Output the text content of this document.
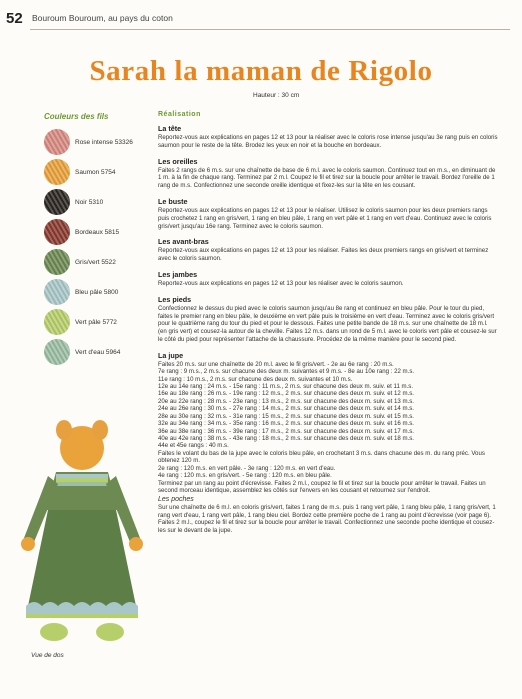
52 Bouroum Bouroum, au pays du coton
Sarah la maman de Rigolo
Hauteur : 30 cm
Couleurs des fils
Rose intense 53326
Saumon 5754
Noir 5310
Bordeaux 5815
Gris/vert 5522
Bleu pâle 5800
Vert pâle 5772
Vert d'eau 5964
Vue de dos
Réalisation
La tête

Reportez-vous aux explications en pages 12 et 13 pour la réaliser avec le coloris rose intense jusqu'au 3e rang puis en coloris saumon pour le reste de la tête. Brodez les yeux en noir et la bouche en bordeaux.

Les oreilles

Faites 2 rangs de 6 m.s. sur une chaînette de base de 6 m.l. avec le coloris saumon. Continuez tout en m.s., en diminuant de 1 m. à la fin de chaque rang. Terminez par 2 m.l. Coupez le fil et tirez sur la boucle pour arrêter le travail. Bordez l'oreille de 1 rang de m.s. Confectionnez une seconde oreille identique et fixez-les sur la tête en les cousant.

Le buste

Reportez-vous aux explications en pages 12 et 13 pour le réaliser. Utilisez le coloris saumon pour les deux premiers rangs puis crochetez 1 rang en gris/vert, 1 rang en bleu pâle, 1 rang en vert pâle et 1 rang en vert d'eau. Continuez avec le coloris gris/vert jusqu'au 16e rang. Terminez avec le coloris saumon.

Les avant-bras

Reportez-vous aux explications en pages 12 et 13 pour les réaliser. Faites les deux premiers rangs en gris/vert et terminez avec le coloris saumon.

Les jambes

Reportez-vous aux explications en pages 12 et 13 pour les réaliser avec le coloris saumon.

Les pieds

Confectionnez le dessus du pied avec le coloris saumon jusqu'au 8e rang et continuez en bleu pâle. Pour le tour du pied, faites le premier rang en bleu pâle, le deuxième en vert pâle puis le troisième en vert d'eau. Terminez avec le coloris gris/vert pour le quatrième rang du tour du pied et pour le dessous. Faites une petite bande de 18 m.s. sur une chaînette de 18 m.l. (en gris vert) et cousez-la autour de la cheville. Faites 12 m.s. dans un rond de 5 m.l. avec le coloris vert pâle et cousez-le sur le côté du pied pour représenter l'attache de la chaussure. Procédez de la même manière pour le second pied.

La jupe

Faites 20 m.s. sur une chaînette de 20 m.l. avec le fil gris/vert. - 2e au 6e rang : 20 m.s.

7e rang : 9 m.s., 2 m.s. sur chacune des deux m. suivantes et 9 m.s. - 8e au 10e rang : 22 m.s.

11e rang : 10 m.s., 2 m.s. sur chacune des deux m. suivantes et 10 m.s.

12e au 14e rang : 24 m.s. - 15e rang : 11 m.s., 2 m.s. sur chacune des deux m. suiv. et 11 m.s.

16e au 18e rang : 26 m.s. - 19e rang : 12 m.s., 2 m.s. sur chacune des deux m. suiv. et 12 m.s.

20e au 22e rang : 28 m.s. - 23e rang : 13 m.s., 2 m.s. sur chacune des deux m. suiv. et 13 m.s.

24e au 26e rang : 30 m.s. - 27e rang : 14 m.s., 2 m.s. sur chacune des deux m. suiv. et 14 m.s.

28e au 30e rang : 32 m.s. - 31e rang : 15 m.s., 2 m.s. sur chacune des deux m. suiv. et 15 m.s.

32e au 34e rang : 34 m.s. - 35e rang : 16 m.s., 2 m.s. sur chacune des deux m. suiv. et 16 m.s.

36e au 38e rang : 36 m.s. - 39e rang : 17 m.s., 2 m.s. sur chacune des deux m. suiv. et 17 m.s.

40e au 42e rang : 38 m.s. - 43e rang : 18 m.s., 2 m.s. sur chacune des deux m. suiv. et 18 m.s.

44e et 45e rangs : 40 m.s.

Faites le volant du bas de la jupe avec le coloris bleu pâle, en crochetant 3 m.s. dans chacune des m. du rang préc. Vous obtenez 120 m.

2e rang : 120 m.s. en vert pâle. - 3e rang : 120 m.s. en vert d'eau.

4e rang : 120 m.s. en gris/vert. - 5e rang : 120 m.s. en bleu pâle.

Terminez par un rang au point d'écrevisse. Faites 2 m.l., coupez le fil et tirez sur la boucle pour arrêter le travail. Faites un second morceau identique, assemblez les côtés sur l'envers en les cousant et retournez sur l'endroit.

Les poches

Sur une chaînette de 6 m.l. en coloris gris/vert, faites 1 rang de m.s. puis 1 rang vert pâle, 1 rang bleu pâle, 1 rang gris/vert, 1 rang vert d'eau, 1 rang vert pâle, 1 rang bleu ciel. Bordez cette première poche de 1 rang au point d'écrevisse (voir page 6). Faites 2 m.l., coupez le fil et tirez sur la boucle pour arrêter le travail. Confectionnez une seconde poche identique et cousez-les sur le devant de la jupe.
